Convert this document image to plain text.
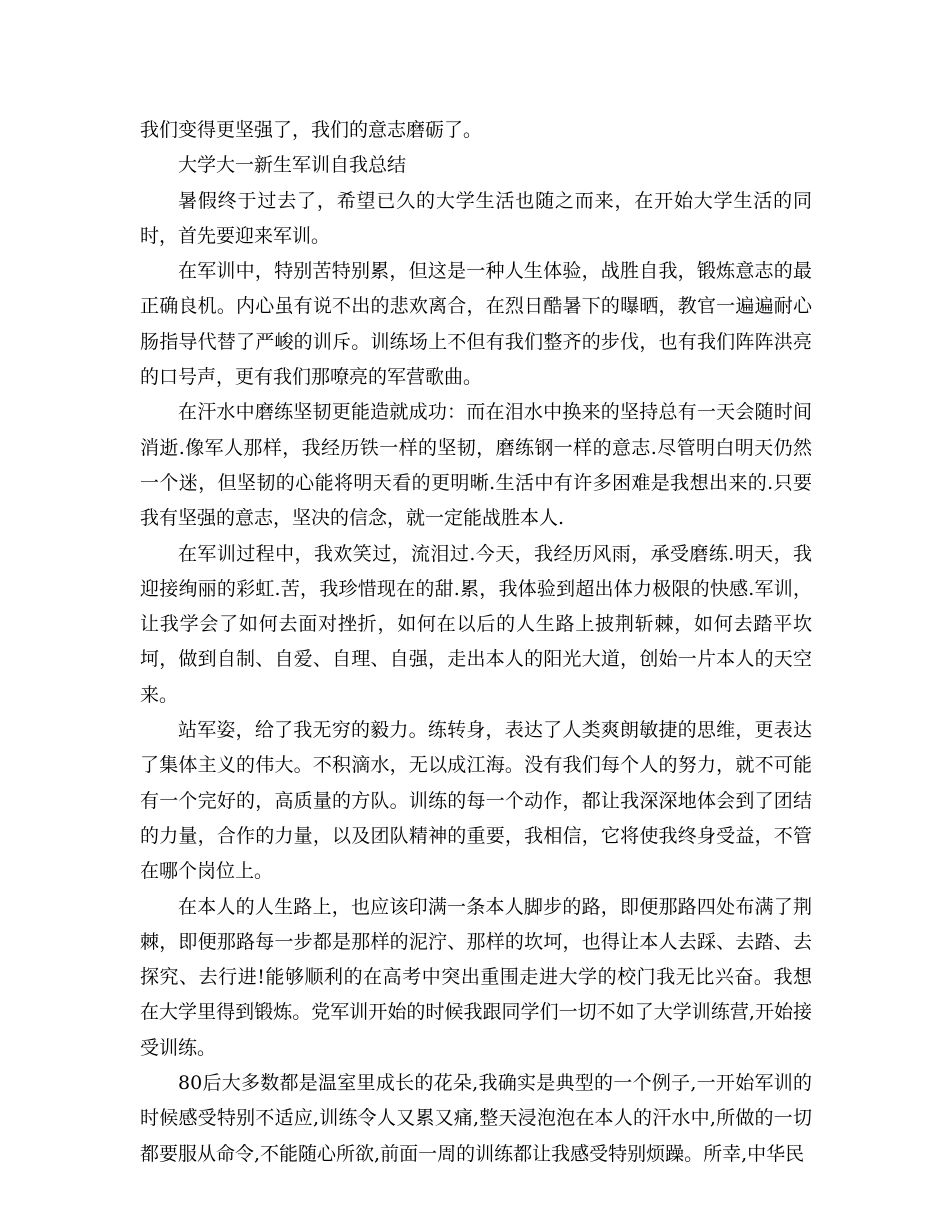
我们变得更坚强了，我们的意志磨砺了。

大学大一新生军训自我总结

暑假终于过去了，希望已久的大学生活也随之而来，在开始大学生活的同时，首先要迎来军训。

在军训中，特别苦特别累，但这是一种人生体验，战胜自我，锻炼意志的最正确良机。内心虽有说不出的悲欢离合，在烈日酷暑下的曝晒，教官一遍遍耐心肠指导代替了严峻的训斥。训练场上不但有我们整齐的步伐，也有我们阵阵洪亮的口号声，更有我们那嘹亮的军营歌曲。

在汗水中磨练坚韧更能造就成功：而在泪水中换来的坚持总有一天会随时间消逝.像军人那样，我经历铁一样的坚韧，磨练钢一样的意志.尽管明白明天仍然一个迷，但坚韧的心能将明天看的更明晰.生活中有许多困难是我想出来的.只要我有坚强的意志，坚决的信念，就一定能战胜本人.

在军训过程中，我欢笑过，流泪过.今天，我经历风雨，承受磨练.明天，我迎接绚丽的彩虹.苦，我珍惜现在的甜.累，我体验到超出体力极限的快感.军训，让我学会了如何去面对挫折，如何在以后的人生路上披荆斩棘，如何去踏平坎坷，做到自制、自爱、自理、自强，走出本人的阳光大道，创始一片本人的天空来。

站军姿，给了我无穷的毅力。练转身，表达了人类爽朗敏捷的思维，更表达了集体主义的伟大。不积滴水，无以成江海。没有我们每个人的努力，就不可能有一个完好的，高质量的方队。训练的每一个动作，都让我深深地体会到了团结的力量，合作的力量，以及团队精神的重要，我相信，它将使我终身受益，不管在哪个岗位上。

在本人的人生路上，也应该印满一条本人脚步的路，即便那路四处布满了荆棘，即便那路每一步都是那样的泥泞、那样的坎坷，也得让本人去踩、去踏、去探究、去行进!能够顺利的在高考中突出重围走进大学的校门我无比兴奋。我想在大学里得到锻炼。党军训开始的时候我跟同学们一切不如了大学训练营,开始接受训练。

80后大多数都是温室里成长的花朵,我确实是典型的一个例子,一开始军训的时候感受特别不适应,训练令人又累又痛,整天浸泡泡在本人的汗水中,所做的一切都要服从命令,不能随心所欲,前面一周的训练都让我感受特别烦躁。所幸,中华民
